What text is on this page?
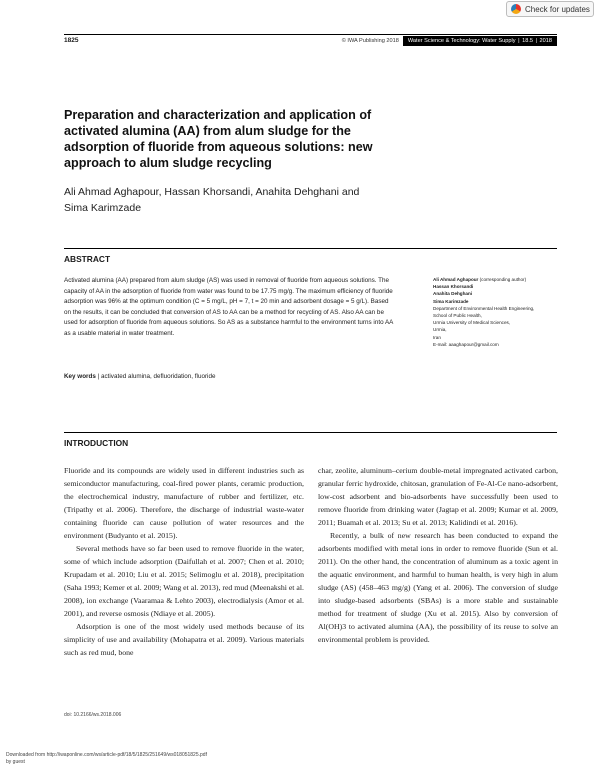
Check for updates
1825	© IWA Publishing 2018	Water Science & Technology: Water Supply | 18.5 | 2018
Preparation and characterization and application of activated alumina (AA) from alum sludge for the adsorption of fluoride from aqueous solutions: new approach to alum sludge recycling
Ali Ahmad Aghapour, Hassan Khorsandi, Anahita Dehghani and Sima Karimzade
ABSTRACT
Activated alumina (AA) prepared from alum sludge (AS) was used in removal of fluoride from aqueous solutions. The capacity of AA in the adsorption of fluoride from water was found to be 17.75 mg/g. The maximum efficiency of fluoride adsorption was 96% at the optimum condition (C = 5 mg/L, pH = 7, t = 20 min and adsorbent dosage = 5 g/L). Based on the results, it can be concluded that conversion of AS to AA can be a method for recycling of AS. Also AA can be used for adsorption of fluoride from aqueous solutions. So AS as a substance harmful to the environment turns into AA as a usable material in water treatment.
Key words | activated alumina, defluoridation, fluoride
Ali Ahmad Aghapour (corresponding author)
Hassan Khorsandi
Anahita Dehghani
Sima Karimzade
Department of Environmental Health Engineering,
School of Public Health,
Urmia University of Medical Sciences,
Urmia,
Iran
E-mail: aaaghapour@gmail.com
INTRODUCTION

Fluoride and its compounds are widely used in different industries such as semiconductor manufacturing, coal-fired power plants, ceramic production, the electrochemical industry, manufacture of rubber and fertilizer, etc. (Tripathy et al. 2006). Therefore, the discharge of industrial waste-water containing fluoride can cause pollution of water resources and the environment (Budyanto et al. 2015).

Several methods have so far been used to remove fluoride in the water, some of which include adsorption (Daifullah et al. 2007; Chen et al. 2010; Krupadam et al. 2010; Liu et al. 2015; Selimoglu et al. 2018), precipitation (Saha 1993; Kemer et al. 2009; Wang et al. 2013), red mud (Meenakshi et al. 2008), ion exchange (Vaaramaa & Lehto 2003), electrodialysis (Amor et al. 2001), and reverse osmosis (Ndiaye et al. 2005).

Adsorption is one of the most widely used methods because of its simplicity of use and availability (Mohapatra et al. 2009). Various materials such as red mud, bone

char, zeolite, aluminum–cerium double-metal impregnated activated carbon, granular ferric hydroxide, chitosan, granulation of Fe-Al-Ce nano-adsorbent, low-cost adsorbent and bio-adsorbents have successfully been used to remove fluoride from drinking water (Jagtap et al. 2009; Kumar et al. 2009, 2011; Buamah et al. 2013; Su et al. 2013; Kalidindi et al. 2016).

Recently, a bulk of new research has been conducted to expand the adsorbents modified with metal ions in order to remove fluoride (Sun et al. 2011). On the other hand, the concentration of aluminum as a toxic agent in the aquatic environment, and harmful to human health, is very high in alum sludge (AS) (458–463 mg/g) (Yang et al. 2006). The conversion of sludge into sludge-based adsorbents (SBAs) is a more stable and sustainable method for treatment of sludge (Xu et al. 2015). Also by conversion of Al(OH)3 to activated alumina (AA), the possibility of its reuse to solve an environmental problem is provided.

doi: 10.2166/ws.2018.006
Downloaded from http://iwaponline.com/ws/article-pdf/18/5/1825/251649/ws018051825.pdf
by guest
